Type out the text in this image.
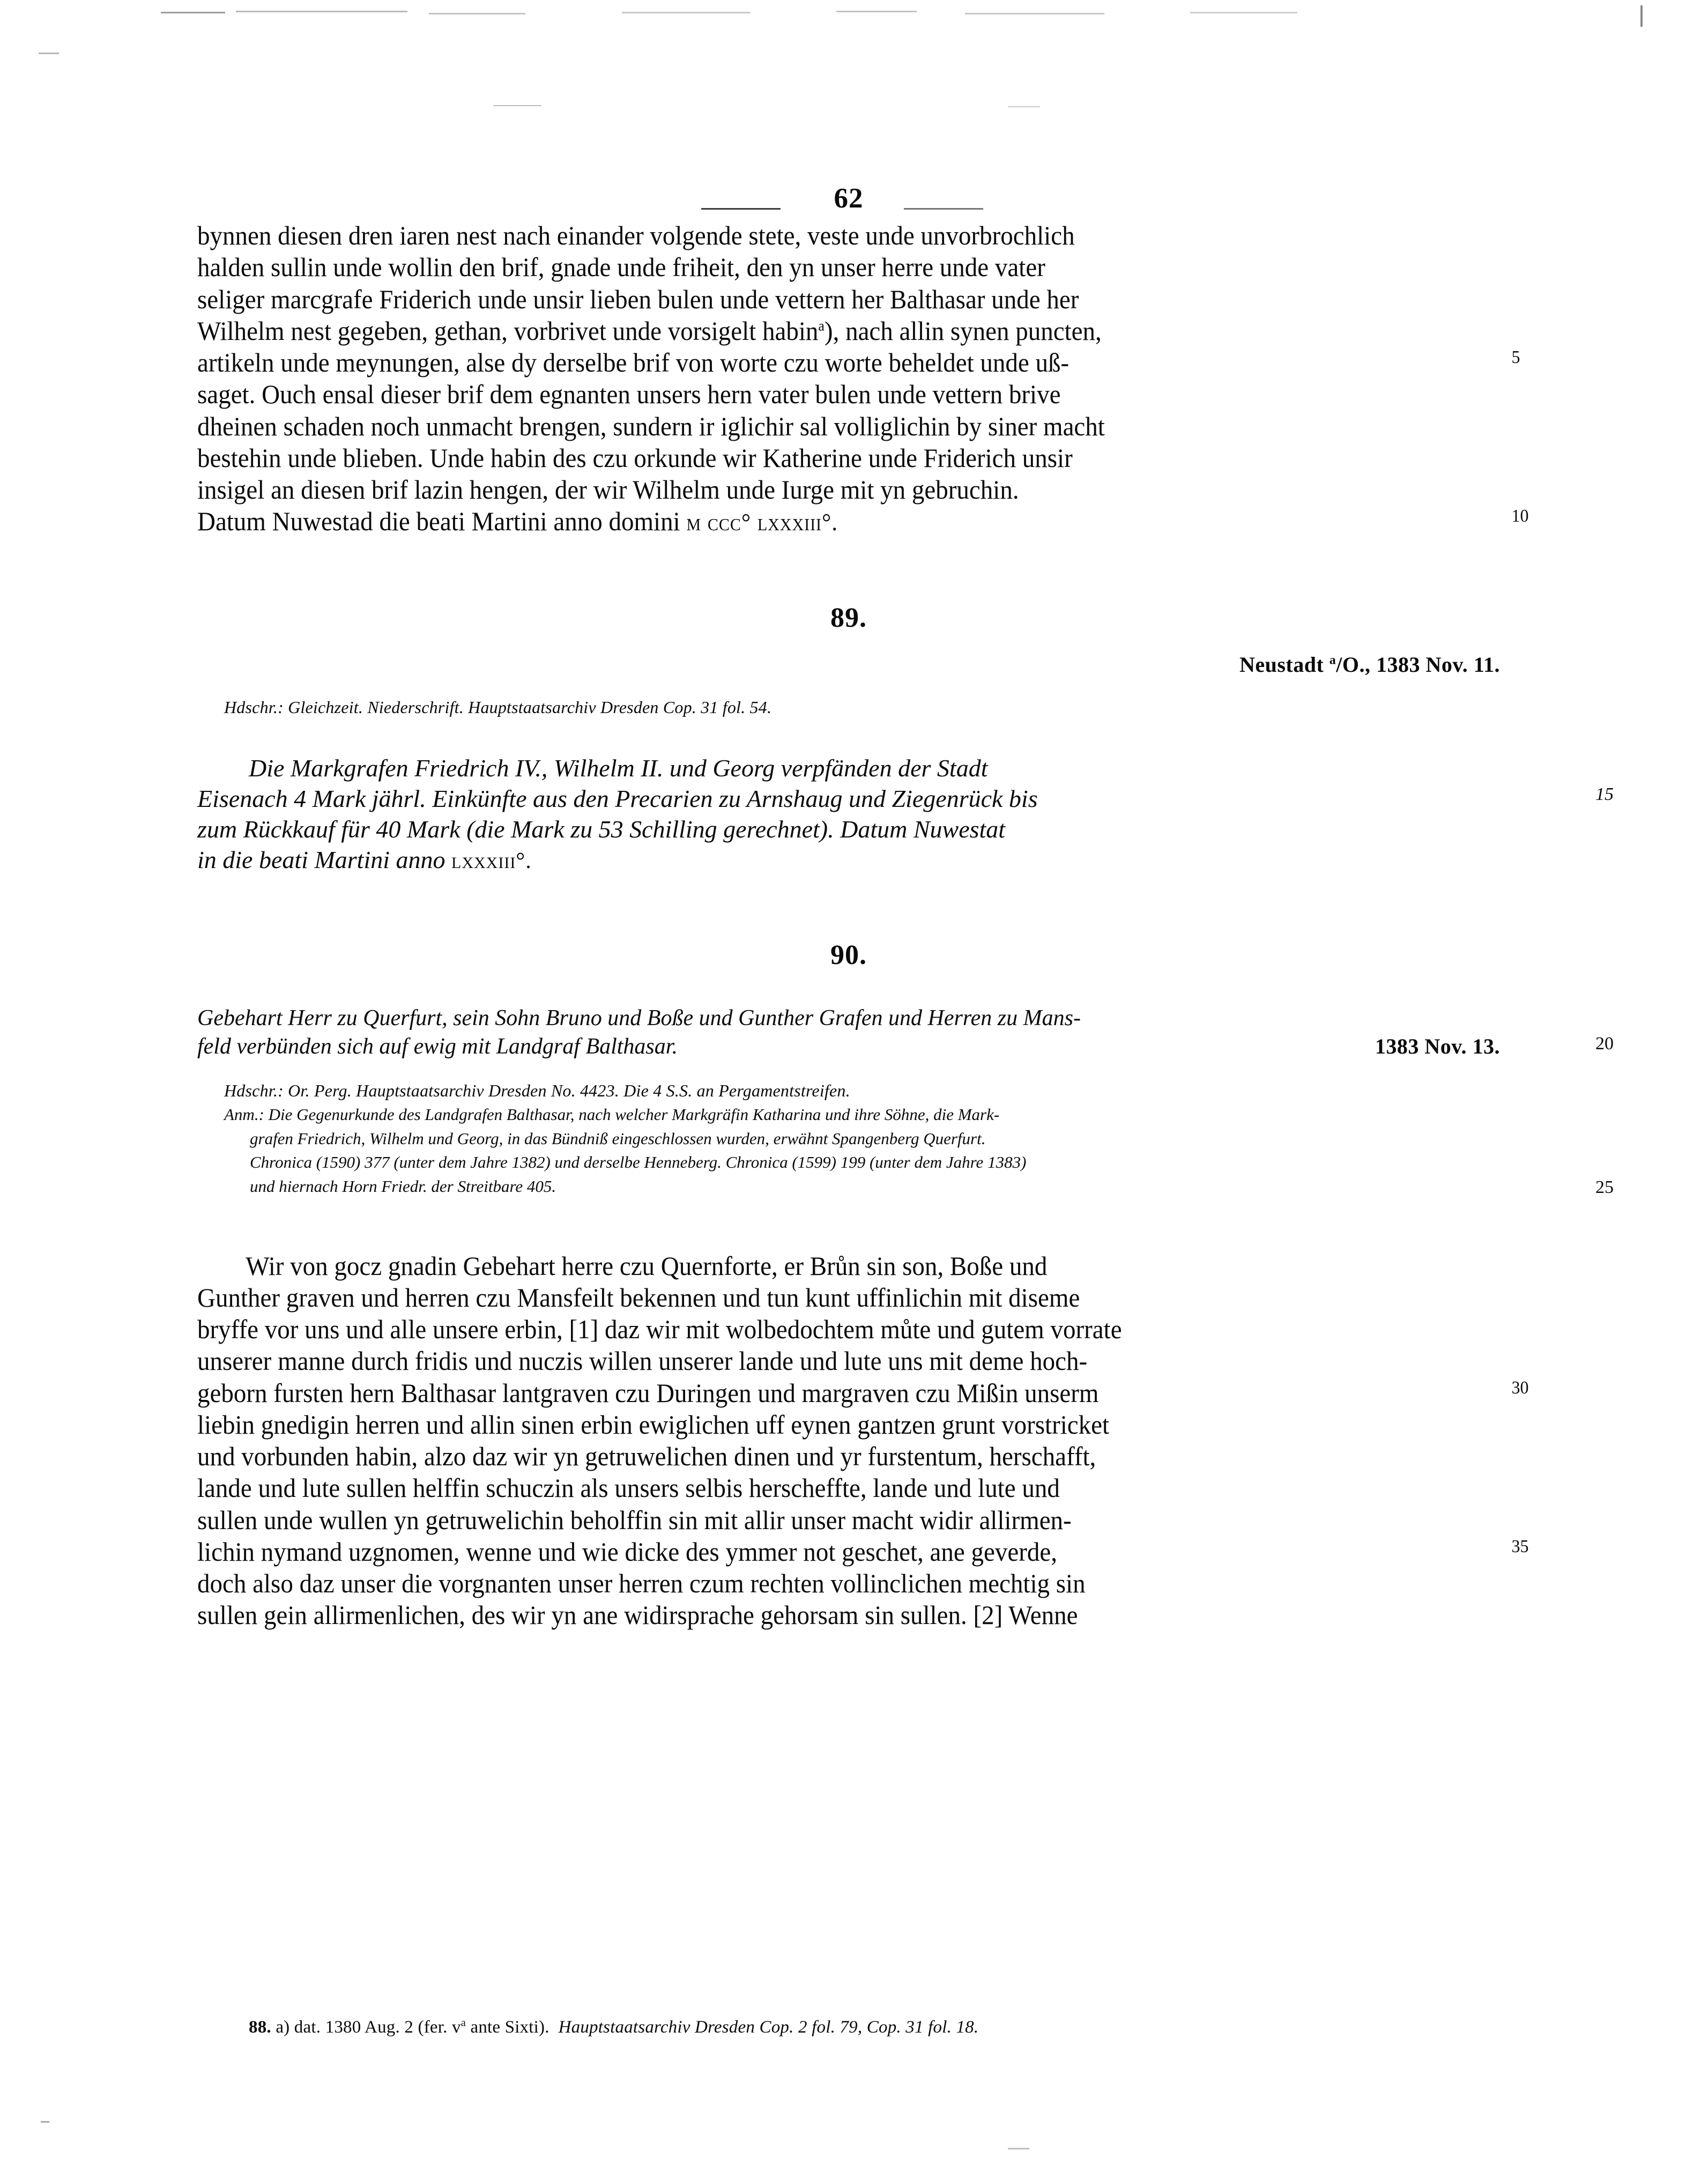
62

bynnen diesen dren iaren nest nach einander volgende stete, veste unde unvorbrochlich
halden sullin unde wollin den brif, gnade unde friheit, den yn unser herre unde vater
seliger marcgrafe Friderich unde unsir lieben bulen unde vettern her Balthasar unde her
Wilhelm nest gegeben, gethan, vorbrivet unde vorsigelt habin$^a$), nach allin synen puncten,
artikeln unde meynungen, alse dy derselbe brif von worte czu worte beheldet unde uß-	5
saget. Ouch ensal dieser brif dem egnanten unsers hern vater bulen unde vettern brive
dheinen schaden noch unmacht brengen, sundern ir iglichir sal volliglichin by siner macht
bestehin unde blieben. Unde habin des czu orkunde wir Katherine unde Friderich unsir
insigel an diesen brif lazin hengen, der wir Wilhelm unde Iurge mit yn gebruchin.
Datum Nuwestad die beati Martini anno domini m ccc° lxxxiii°.	10

89.
Neustadt $^a$/O., 1383 Nov. 11.
Hdschr.: Gleichzeit. Niederschrift. Hauptstaatsarchiv Dresden Cop. 31 fol. 54.
Die Markgrafen Friedrich IV., Wilhelm II. und Georg verpfänden der Stadt
Eisenach 4 Mark jährl. Einkünfte aus den Precarien zu Arnshaug und Ziegenrück bis	15
zum Rückkauf für 40 Mark (die Mark zu 53 Schilling gerechnet). Datum Nuwestat
in die beati Martini anno lxxxiii°.
90.
Gebehart Herr zu Querfurt, sein Sohn Bruno und Boße und Gunther Grafen und Herren zu Mans-
feld verbünden sich auf ewig mit Landgraf Balthasar.	1383 Nov. 13.	20
Hdschr.: Or. Perg. Hauptstaatsarchiv Dresden No. 4423. Die 4 S.S. an Pergamentstreifen.
Anm.: Die Gegenurkunde des Landgrafen Balthasar, nach welcher Markgräfin Katharina und ihre Söhne, die Mark-
grafen Friedrich, Wilhelm und Georg, in das Bündniß eingeschlossen wurden, erwähnt Spangenberg Querfurt.
Chronica (1590) 377 (unter dem Jahre 1382) und derselbe Henneberg. Chronica (1599) 199 (unter dem Jahre 1383)
und hiernach Horn Friedr. der Streitbare 405.	25

Wir von gocz gnadin Gebehart herre czu Quernforte, er Brůn sin son, Boße und
Gunther graven und herren czu Mansfeilt bekennen und tun kunt uffinlichin mit diseme
bryffe vor uns und alle unsere erbin, [1] daz wir mit wolbedochtem můte und gutem vorrate
unserer manne durch fridis und nuczis willen unserer lande und lute uns mit deme hoch-
geborn fursten hern Balthasar lantgraven czu Duringen und margraven czu Mißin unserm	30
liebin gnedigin herren und allin sinen erbin ewiglichen uff eynen gantzen grunt vorstricket
und vorbunden habin, alzo daz wir yn getruwelichen dinen und yr furstentum, herschafft,
lande und lute sullen helffin schuczin als unsers selbis herscheffte, lande und lute und
sullen unde wullen yn getruwelichin beholffin sin mit allir unser macht widir allirmen-
lichin nymand uzgnomen, wenne und wie dicke des ymmer not geschet, ane geverde,	35
doch also daz unser die vorgnanten unser herren czum rechten vollinclichen mechtig sin
sullen gein allirmenlichen, des wir yn ane widirsprache gehorsam sin sullen. [2] Wenne

88. a) dat. 1380 Aug. 2 (fer. $v^a$ ante Sixti). Hauptstaatsarchiv Dresden Cop. 2 fol. 79, Cop. 31 fol. 18.
